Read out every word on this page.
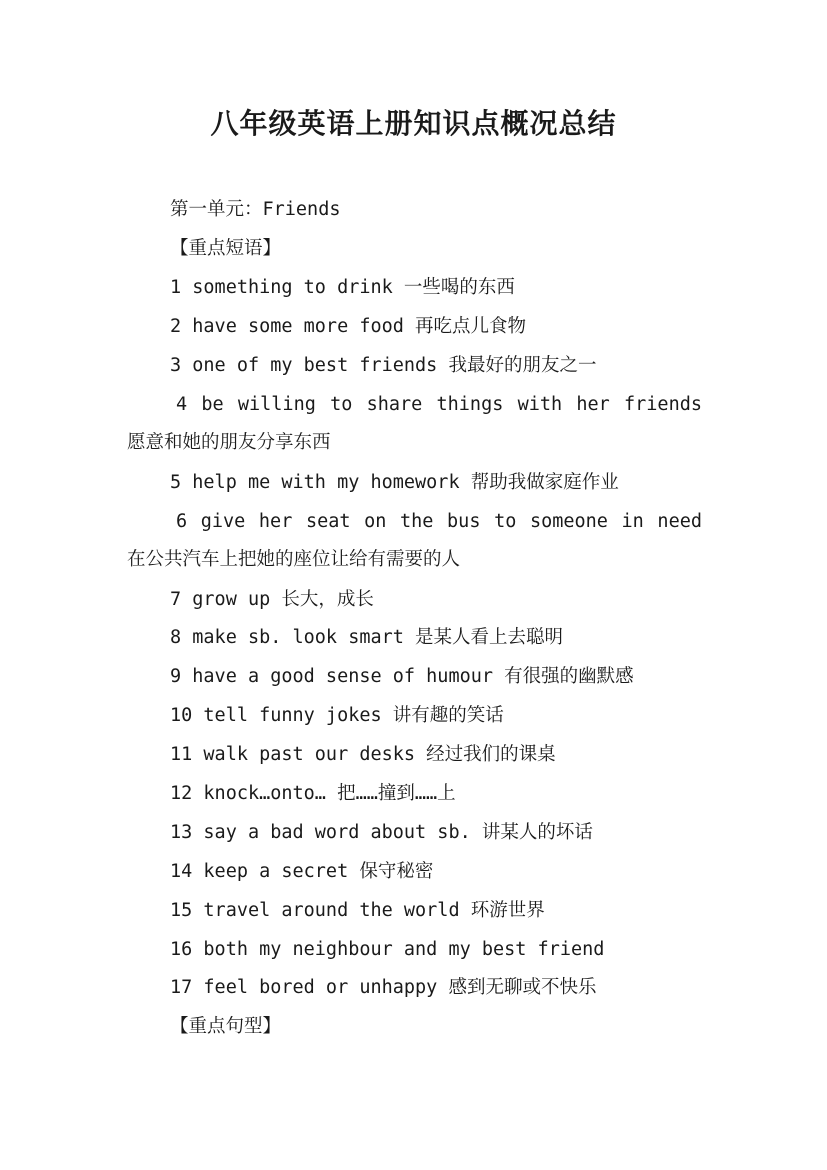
八年级英语上册知识点概况总结
第一单元：Friends
【重点短语】
1 something to drink 一些喝的东西
2 have some more food 再吃点儿食物
3 one of my best friends 我最好的朋友之一
4 be willing to share things with her friends
愿意和她的朋友分享东西
5 help me with my homework 帮助我做家庭作业
6 give her seat on the bus to someone in need
在公共汽车上把她的座位让给有需要的人
7 grow up 长大，成长
8 make sb. look smart 是某人看上去聪明
9 have a good sense of humour 有很强的幽默感
10 tell funny jokes 讲有趣的笑话
11 walk past our desks 经过我们的课桌
12 knock…onto… 把……撞到……上
13 say a bad word about sb. 讲某人的坏话
14 keep a secret 保守秘密
15 travel around the world 环游世界
16 both my neighbour and my best friend
17 feel bored or unhappy 感到无聊或不快乐
【重点句型】
